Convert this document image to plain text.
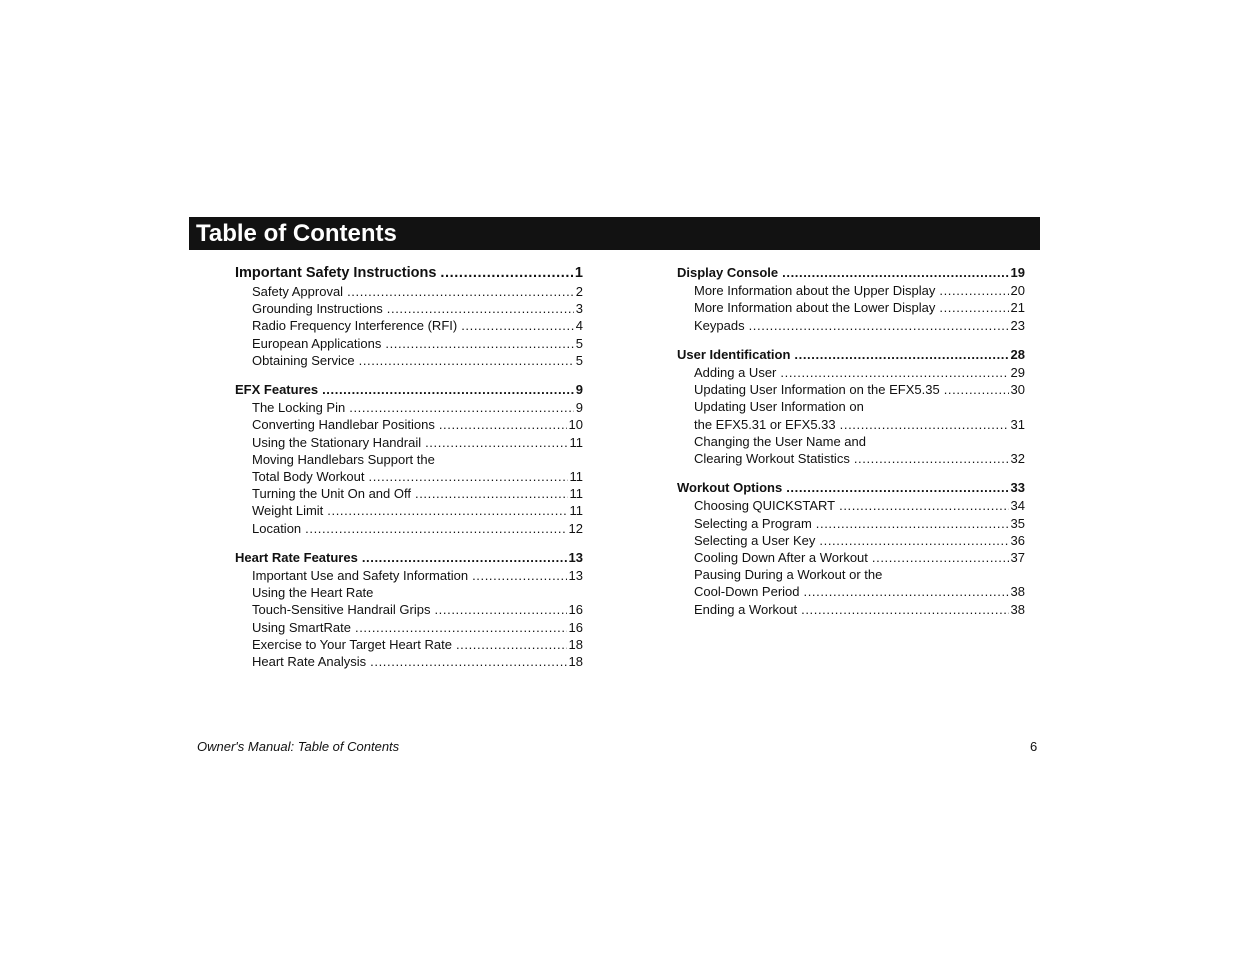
Table of Contents
Important Safety Instructions .....	1
Safety Approval .....	2
Grounding Instructions .....	3
Radio Frequency Interference (RFI) .....	4
European Applications .....	5
Obtaining Service .....	5
EFX Features .....	9
The Locking Pin .....	9
Converting Handlebar Positions .....	10
Using the Stationary Handrail .....	11
Moving Handlebars Support the
Total Body Workout .....	11
Turning the Unit On and Off .....	11
Weight Limit .....	11
Location .....	12
Heart Rate Features .....	13
Important Use and Safety Information .....	13
Using the Heart Rate
Touch-Sensitive Handrail Grips .....	16
Using SmartRate .....	16
Exercise to Your Target Heart Rate .....	18
Heart Rate Analysis .....	18
Display Console .....	19
More Information about the Upper Display .....	20
More Information about the Lower Display .....	21
Keypads .....	23
User Identification .....	28
Adding a User .....	29
Updating User Information on the EFX5.35 .....	30
Updating User Information on
the EFX5.31 or EFX5.33 .....	31
Changing the User Name and
Clearing Workout Statistics .....	32
Workout Options .....	33
Choosing QUICKSTART .....	34
Selecting a Program .....	35
Selecting a User Key .....	36
Cooling Down After a Workout .....	37
Pausing During a Workout or the
Cool-Down Period .....	38
Ending a Workout .....	38
Owner's Manual: Table of Contents	6
